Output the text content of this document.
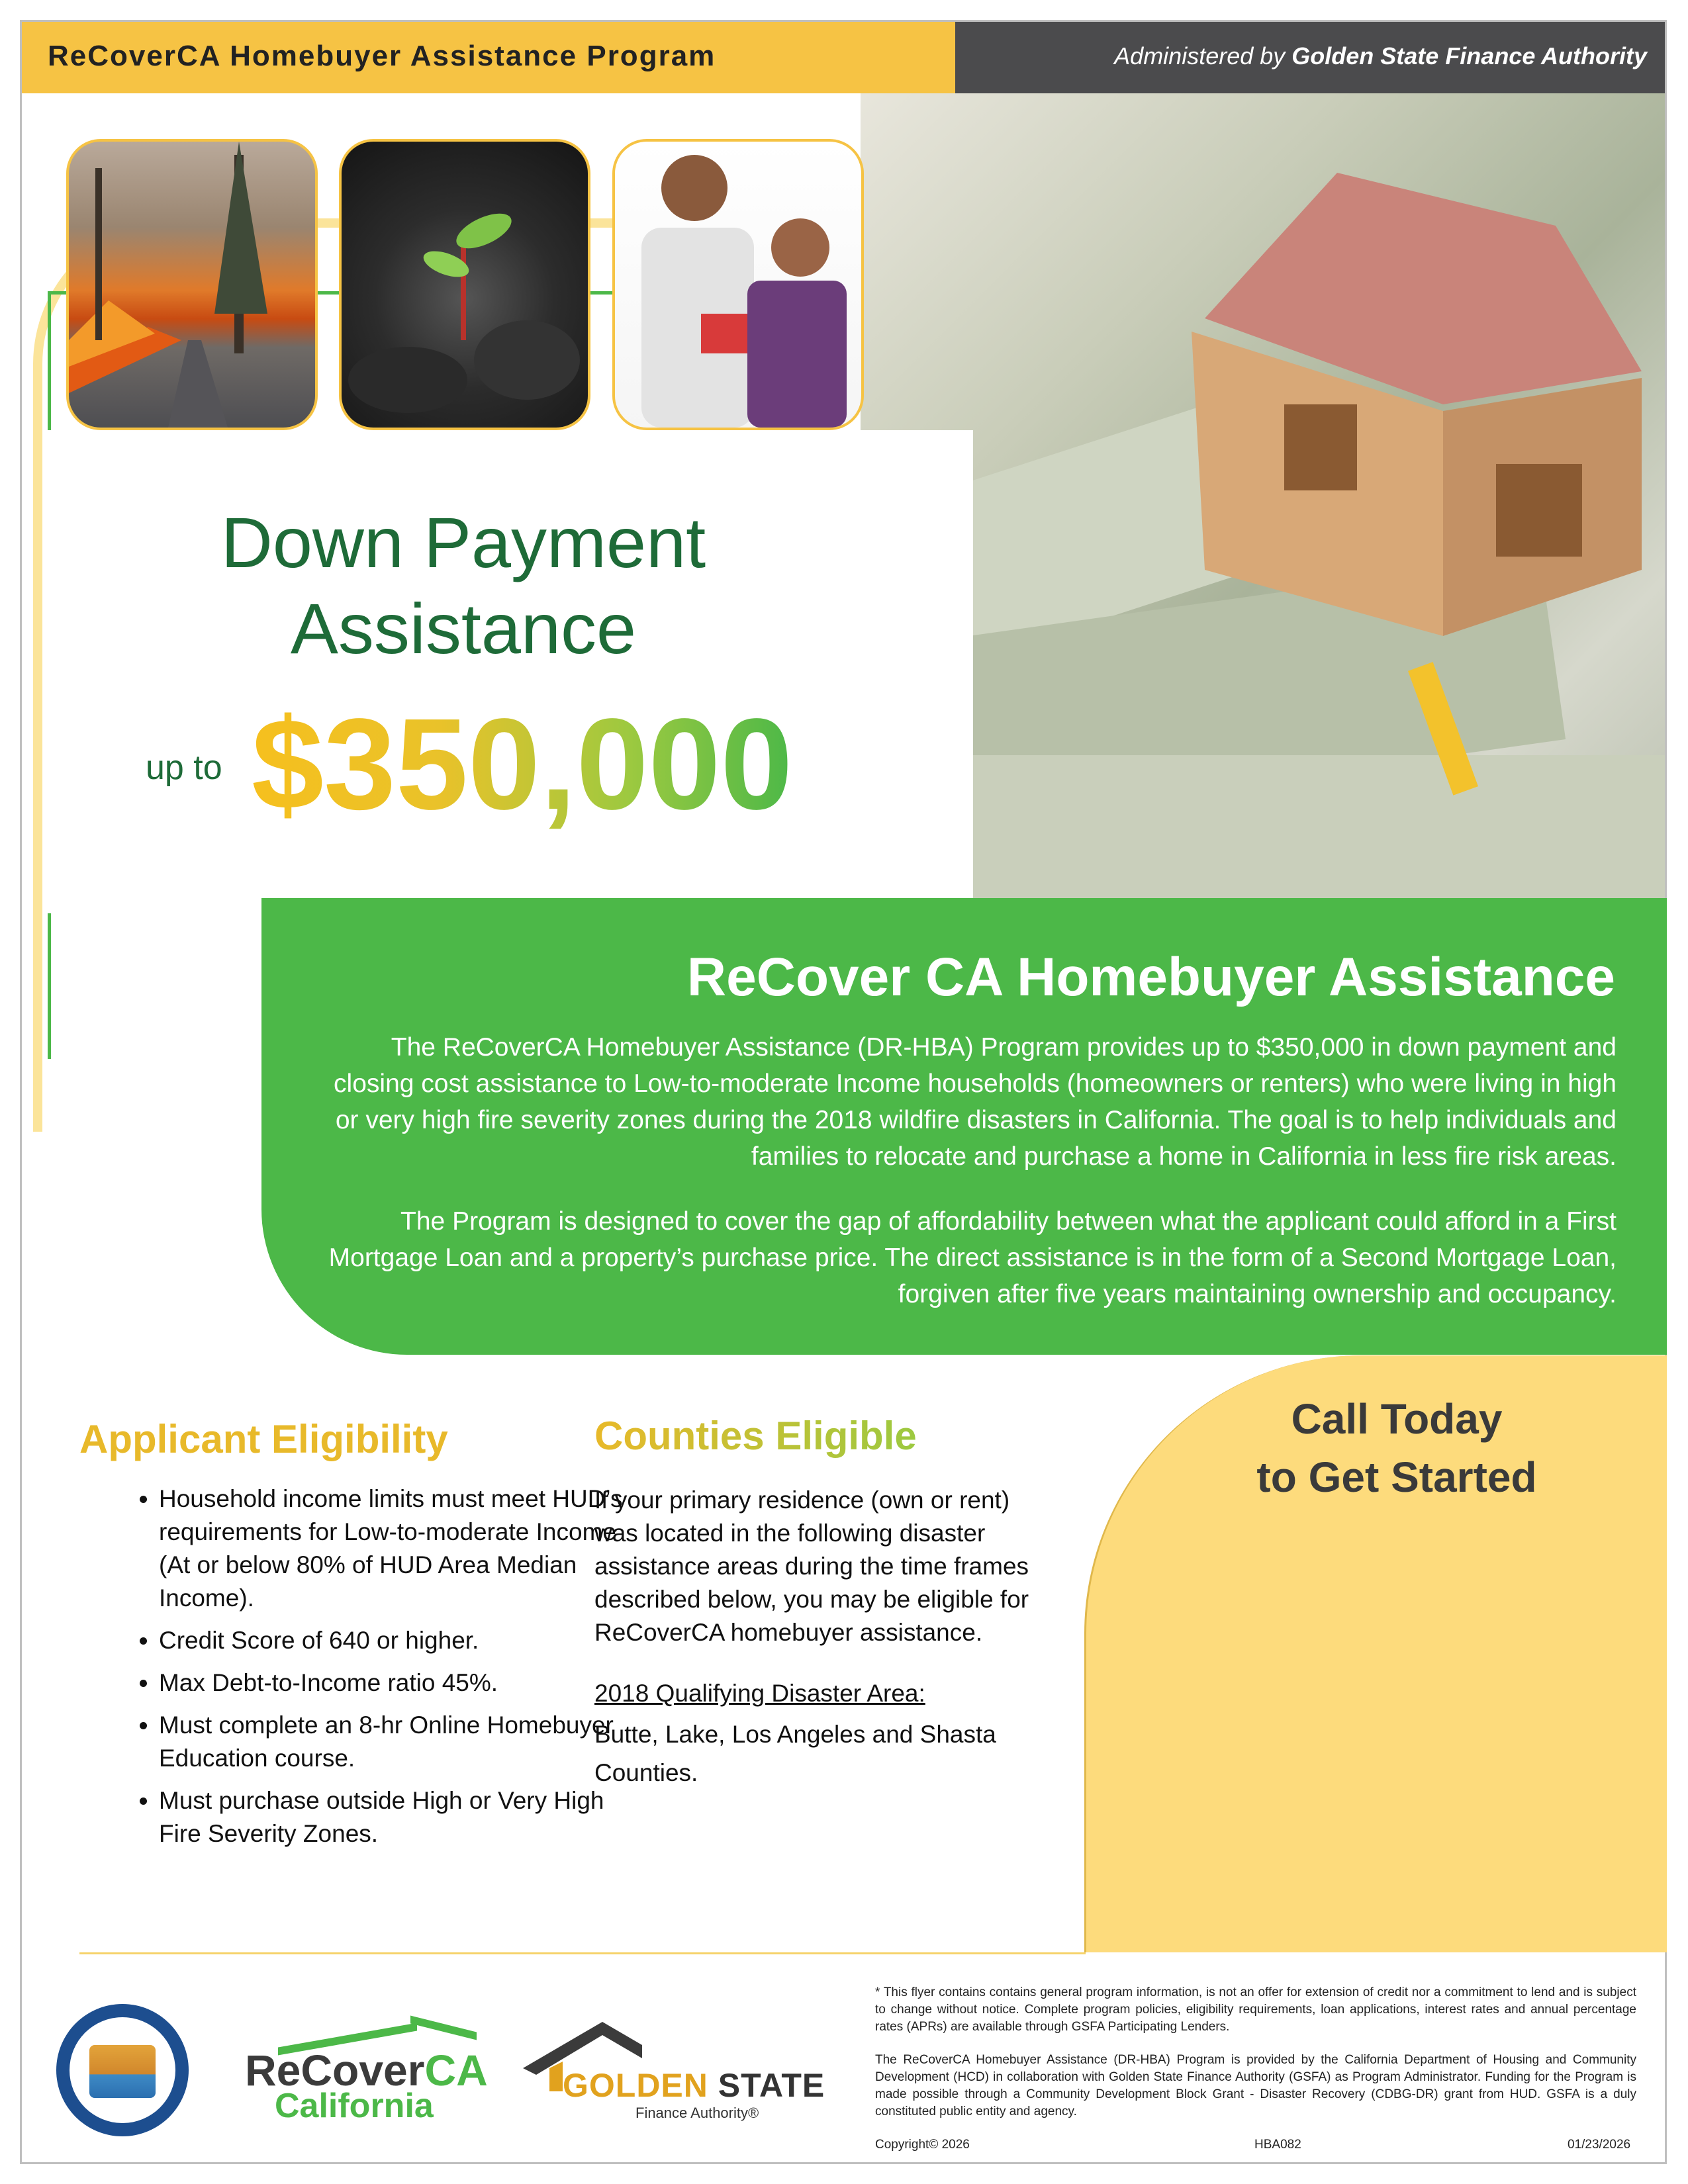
ReCoverCA Homebuyer Assistance Program	Administered by Golden State Finance Authority
Down Payment Assistance
up to $350,000
ReCover CA Homebuyer Assistance
The ReCoverCA Homebuyer Assistance (DR-HBA) Program provides up to $350,000 in down payment and closing cost assistance to Low-to-moderate Income households (homeowners or renters) who were living in high or very high fire severity zones during the 2018 wildfire disasters in California. The goal is to help individuals and families to relocate and purchase a home in California in less fire risk areas.
The Program is designed to cover the gap of affordability between what the applicant could afford in a First Mortgage Loan and a property’s purchase price. The direct assistance is in the form of a Second Mortgage Loan, forgiven after five years maintaining ownership and occupancy.
Applicant Eligibility
• Household income limits must meet HUD’s requirements for Low-to-moderate Income (At or below 80% of HUD Area Median Income).
• Credit Score of 640 or higher.
• Max Debt-to-Income ratio 45%.
• Must complete an 8-hr Online Homebuyer Education course.
• Must purchase outside High or Very High Fire Severity Zones.
Counties Eligible
If your primary residence (own or rent) was located in the following disaster assistance areas during the time frames described below, you may be eligible for ReCoverCA homebuyer assistance.
2018 Qualifying Disaster Area:
Butte, Lake, Los Angeles and Shasta Counties.
Call Today
to Get Started
ReCoverCA
California
GOLDEN STATE
Finance Authority®
* This flyer contains contains general program information, is not an offer for extension of credit nor a commitment to lend and is subject to change without notice. Complete program policies, eligibility requirements, loan applications, interest rates and annual percentage rates (APRs) are available through GSFA Participating Lenders.
The ReCoverCA Homebuyer Assistance (DR-HBA) Program is provided by the California Department of Housing and Community Development (HCD) in collaboration with Golden State Finance Authority (GSFA) as Program Administrator. Funding for the Program is made possible through a Community Development Block Grant - Disaster Recovery (CDBG-DR) grant from HUD. GSFA is a duly constituted public entity and agency.
Copyright© 2026	HBA082	01/23/2026
